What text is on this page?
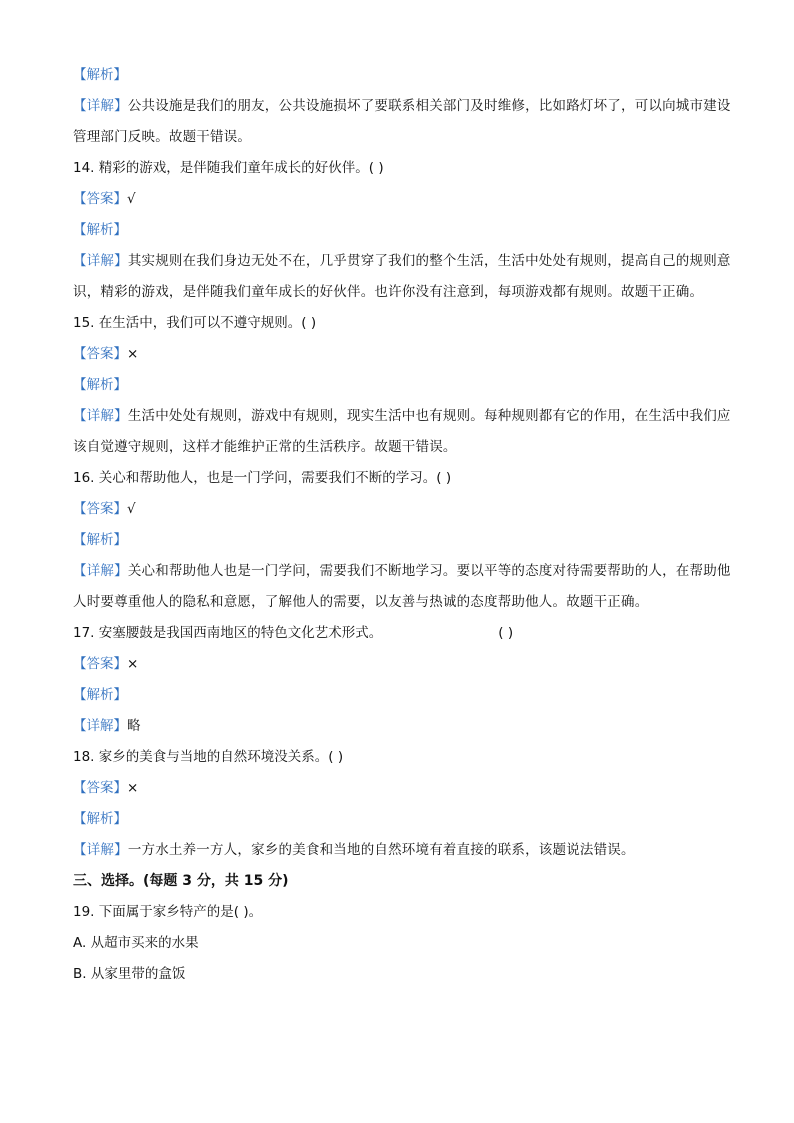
【解析】
【详解】公共设施是我们的朋友，公共设施损坏了要联系相关部门及时维修，比如路灯坏了，可以向城市建设管理部门反映。故题干错误。
14. 精彩的游戏，是伴随我们童年成长的好伙伴。( )
【答案】√
【解析】
【详解】其实规则在我们身边无处不在，几乎贯穿了我们的整个生活，生活中处处有规则，提高自己的规则意识，精彩的游戏，是伴随我们童年成长的好伙伴。也许你没有注意到，每项游戏都有规则。故题干正确。
15. 在生活中，我们可以不遵守规则。( )
【答案】×
【解析】
【详解】生活中处处有规则，游戏中有规则，现实生活中也有规则。每种规则都有它的作用，在生活中我们应该自觉遵守规则，这样才能维护正常的生活秩序。故题干错误。
16. 关心和帮助他人，也是一门学问，需要我们不断的学习。( )
【答案】√
【解析】
【详解】关心和帮助他人也是一门学问，需要我们不断地学习。要以平等的态度对待需要帮助的人，在帮助他人时要尊重他人的隐私和意愿，了解他人的需要，以友善与热诚的态度帮助他人。故题干正确。
17. 安塞腰鼓是我国西南地区的特色文化艺术形式。	( )
【答案】×
【解析】
【详解】略
18. 家乡的美食与当地的自然环境没关系。( )
【答案】×
【解析】
【详解】一方水土养一方人，家乡的美食和当地的自然环境有着直接的联系，该题说法错误。
三、选择。(每题 3 分，共 15 分)
19. 下面属于家乡特产的是( )。
A. 从超市买来的水果
B. 从家里带的盒饭
